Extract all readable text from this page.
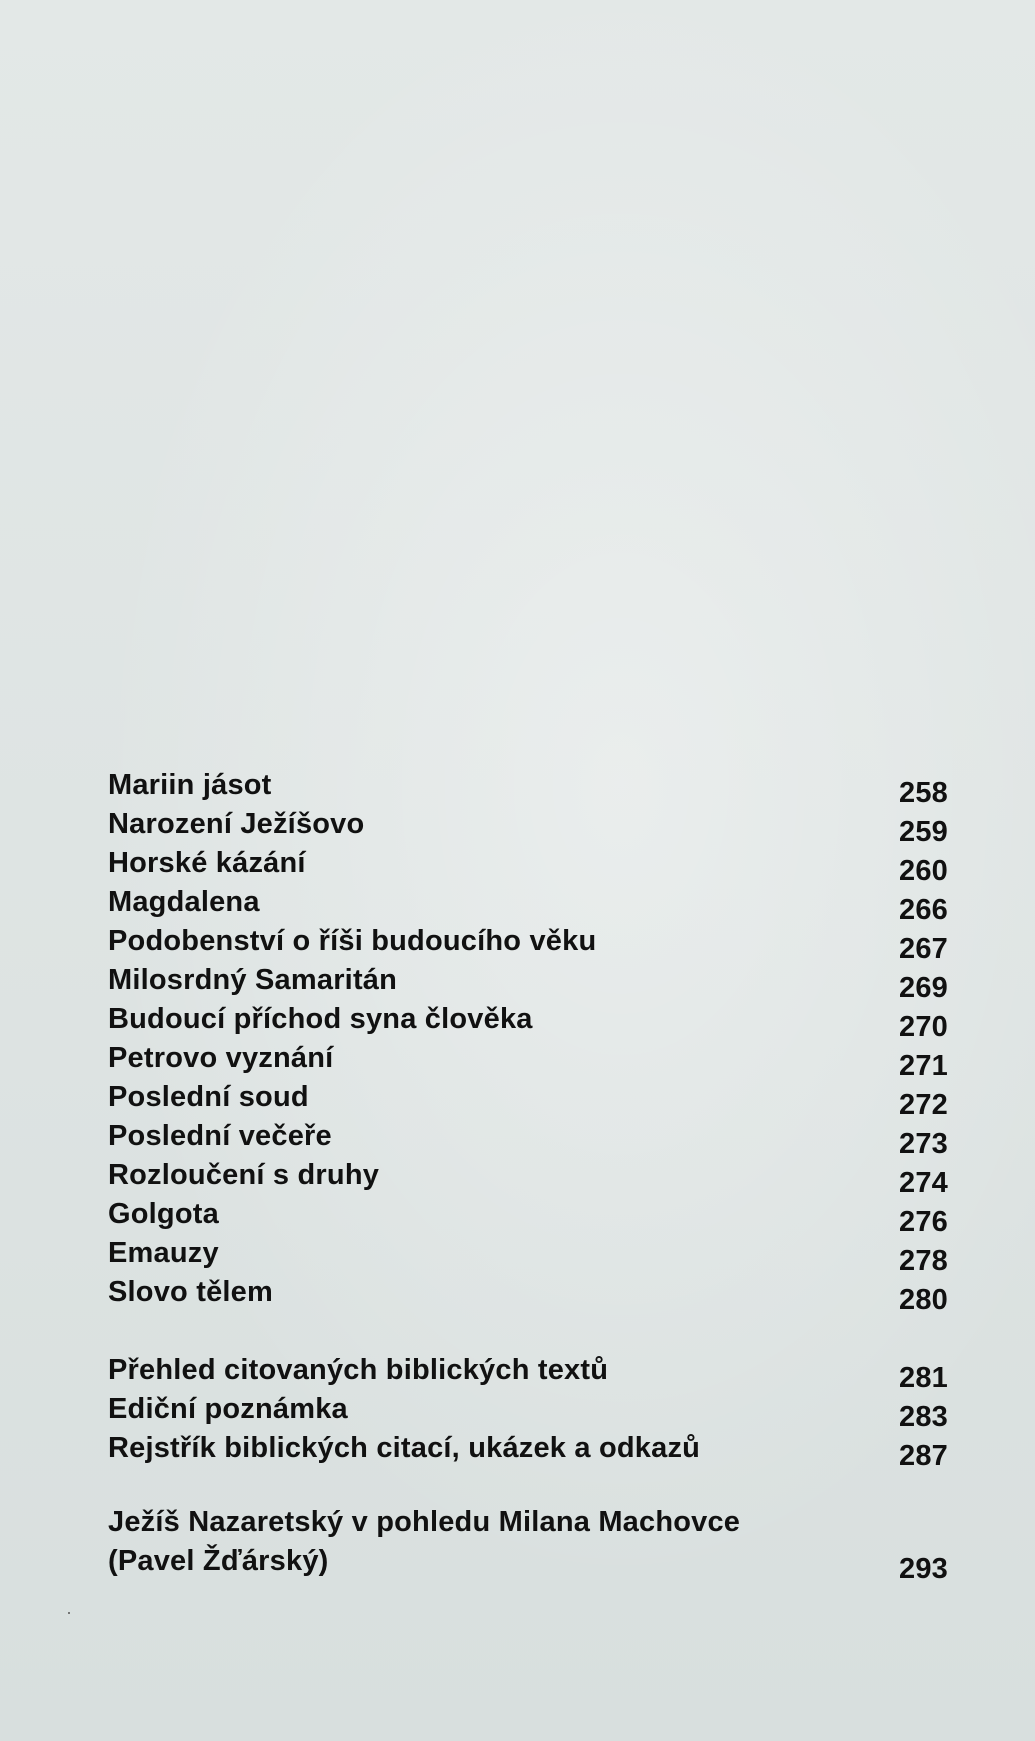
Mariin jásot	258
Narození Ježíšovo	259
Horské kázání	260
Magdalena	266
Podobenství o říši budoucího věku	267
Milosrdný Samaritán	269
Budoucí příchod syna člověka	270
Petrovo vyznání	271
Poslední soud	272
Poslední večeře	273
Rozloučení s druhy	274
Golgota	276
Emauzy	278
Slovo tělem	280
Přehled citovaných biblických textů	281
Ediční poznámka	283
Rejstřík biblických citací, ukázek a odkazů	287
Ježíš Nazaretský v pohledu Milana Machovce
(Pavel Žďárský)	293
